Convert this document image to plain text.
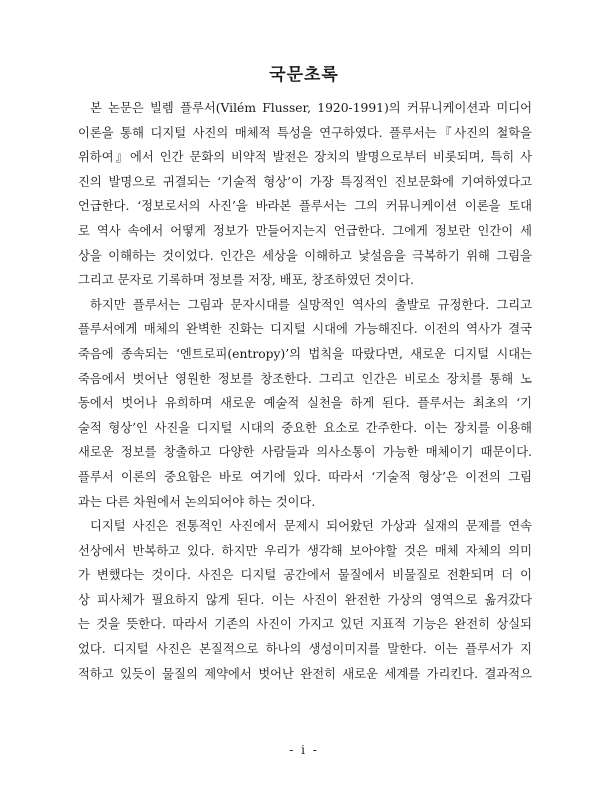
국문초록
본 논문은 빌렘 플루서(Vilém Flusser, 1920-1991)의 커뮤니케이션과 미디어
이론을 통해 디지털 사진의 매체적 특성을 연구하였다. 플루서는『사진의 철학을
위하여』에서 인간 문화의 비약적 발전은 장치의 발명으로부터 비롯되며, 특히 사
진의 발명으로 귀결되는 ‘기술적 형상’이 가장 특징적인 진보문화에 기여하였다고
언급한다. ‘정보로서의 사진’을 바라본 플루서는 그의 커뮤니케이션 이론을 토대
로 역사 속에서 어떻게 정보가 만들어지는지 언급한다. 그에게 정보란 인간이 세
상을 이해하는 것이었다. 인간은 세상을 이해하고 낯설음을 극복하기 위해 그림을
그리고 문자로 기록하며 정보를 저장, 배포, 창조하였던 것이다.
하지만 플루서는 그림과 문자시대를 실망적인 역사의 출발로 규정한다. 그리고
플루서에게 매체의 완벽한 진화는 디지털 시대에 가능해진다. 이전의 역사가 결국
죽음에 종속되는 ‘엔트로피(entropy)’의 법칙을 따랐다면, 새로운 디지털 시대는
죽음에서 벗어난 영원한 정보를 창조한다. 그리고 인간은 비로소 장치를 통해 노
동에서 벗어나 유희하며 새로운 예술적 실천을 하게 된다. 플루서는 최초의 ‘기
술적 형상’인 사진을 디지털 시대의 중요한 요소로 간주한다. 이는 장치를 이용해
새로운 정보를 창출하고 다양한 사람들과 의사소통이 가능한 매체이기 때문이다.
플루서 이론의 중요함은 바로 여기에 있다. 따라서 ‘기술적 형상’은 이전의 그림
과는 다른 차원에서 논의되어야 하는 것이다.
디지털 사진은 전통적인 사진에서 문제시 되어왔던 가상과 실재의 문제를 연속
선상에서 반복하고 있다. 하지만 우리가 생각해 보아야할 것은 매체 자체의 의미
가 변했다는 것이다. 사진은 디지털 공간에서 물질에서 비물질로 전환되며 더 이
상 피사체가 필요하지 않게 된다. 이는 사진이 완전한 가상의 영역으로 옮겨갔다
는 것을 뜻한다. 따라서 기존의 사진이 가지고 있던 지표적 기능은 완전히 상실되
었다. 디지털 사진은 본질적으로 하나의 생성이미지를 말한다. 이는 플루서가 지
적하고 있듯이 물질의 제약에서 벗어난 완전히 새로운 세계를 가리킨다. 결과적으
- i -
